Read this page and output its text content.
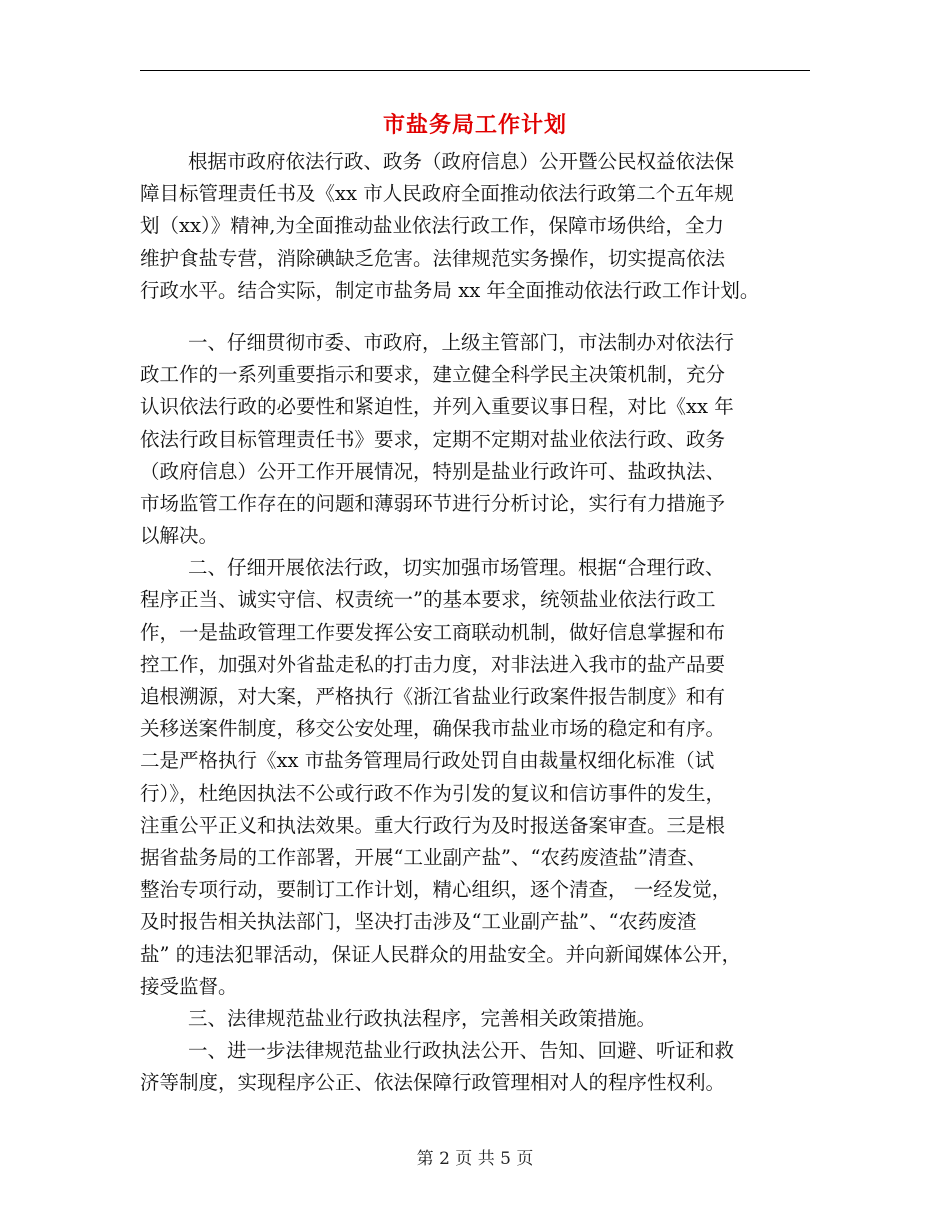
市盐务局工作计划
根据市政府依法行政、政务（政府信息）公开暨公民权益依法保
障目标管理责任书及《xx 市人民政府全面推动依法行政第二个五年规
划（xx）》精神,为全面推动盐业依法行政工作，保障市场供给，全力
维护食盐专营，消除碘缺乏危害。法律规范实务操作，切实提高依法
行政水平。结合实际，制定市盐务局 xx 年全面推动依法行政工作计划。
一、仔细贯彻市委、市政府，上级主管部门，市法制办对依法行
政工作的一系列重要指示和要求，建立健全科学民主决策机制，充分
认识依法行政的必要性和紧迫性，并列入重要议事日程，对比《xx 年
依法行政目标管理责任书》要求，定期不定期对盐业依法行政、政务
（政府信息）公开工作开展情况，特别是盐业行政许可、盐政执法、
市场监管工作存在的问题和薄弱环节进行分析讨论，实行有力措施予
以解决。
二、仔细开展依法行政，切实加强市场管理。根据“合理行政、
程序正当、诚实守信、权责统一”的基本要求，统领盐业依法行政工
作，一是盐政管理工作要发挥公安工商联动机制，做好信息掌握和布
控工作，加强对外省盐走私的打击力度，对非法进入我市的盐产品要
追根溯源，对大案，严格执行《浙江省盐业行政案件报告制度》和有
关移送案件制度，移交公安处理，确保我市盐业市场的稳定和有序。
二是严格执行《xx 市盐务管理局行政处罚自由裁量权细化标准（试
行）》，杜绝因执法不公或行政不作为引发的复议和信访事件的发生，
注重公平正义和执法效果。重大行政行为及时报送备案审查。三是根
据省盐务局的工作部署，开展“工业副产盐”、“农药废渣盐”清查、
整治专项行动，要制订工作计划，精心组织，逐个清查， 一经发觉，
及时报告相关执法部门，坚决打击涉及“工业副产盐”、“农药废渣
盐” 的违法犯罪活动，保证人民群众的用盐安全。并向新闻媒体公开，
接受监督。
三、法律规范盐业行政执法程序，完善相关政策措施。
一、进一步法律规范盐业行政执法公开、告知、回避、听证和救
济等制度，实现程序公正、依法保障行政管理相对人的程序性权利。
第 2 页 共 5 页
